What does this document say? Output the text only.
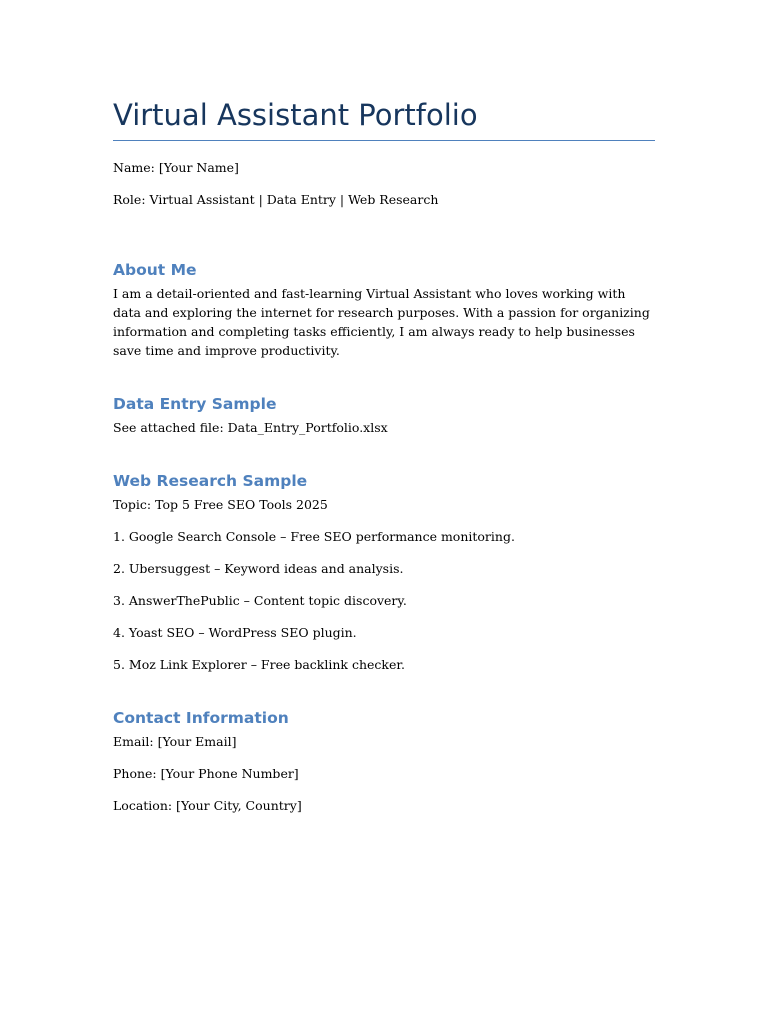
Virtual Assistant Portfolio

Name: [Your Name]

Role: Virtual Assistant | Data Entry | Web Research

About Me

I am a detail-oriented and fast-learning Virtual Assistant who loves working with data and exploring the internet for research purposes. With a passion for organizing information and completing tasks efficiently, I am always ready to help businesses save time and improve productivity.

Data Entry Sample

See attached file: Data_Entry_Portfolio.xlsx

Web Research Sample

Topic: Top 5 Free SEO Tools 2025

1. Google Search Console – Free SEO performance monitoring.

2. Ubersuggest – Keyword ideas and analysis.

3. AnswerThePublic – Content topic discovery.

4. Yoast SEO – WordPress SEO plugin.

5. Moz Link Explorer – Free backlink checker.

Contact Information

Email: [Your Email]

Phone: [Your Phone Number]

Location: [Your City, Country]
